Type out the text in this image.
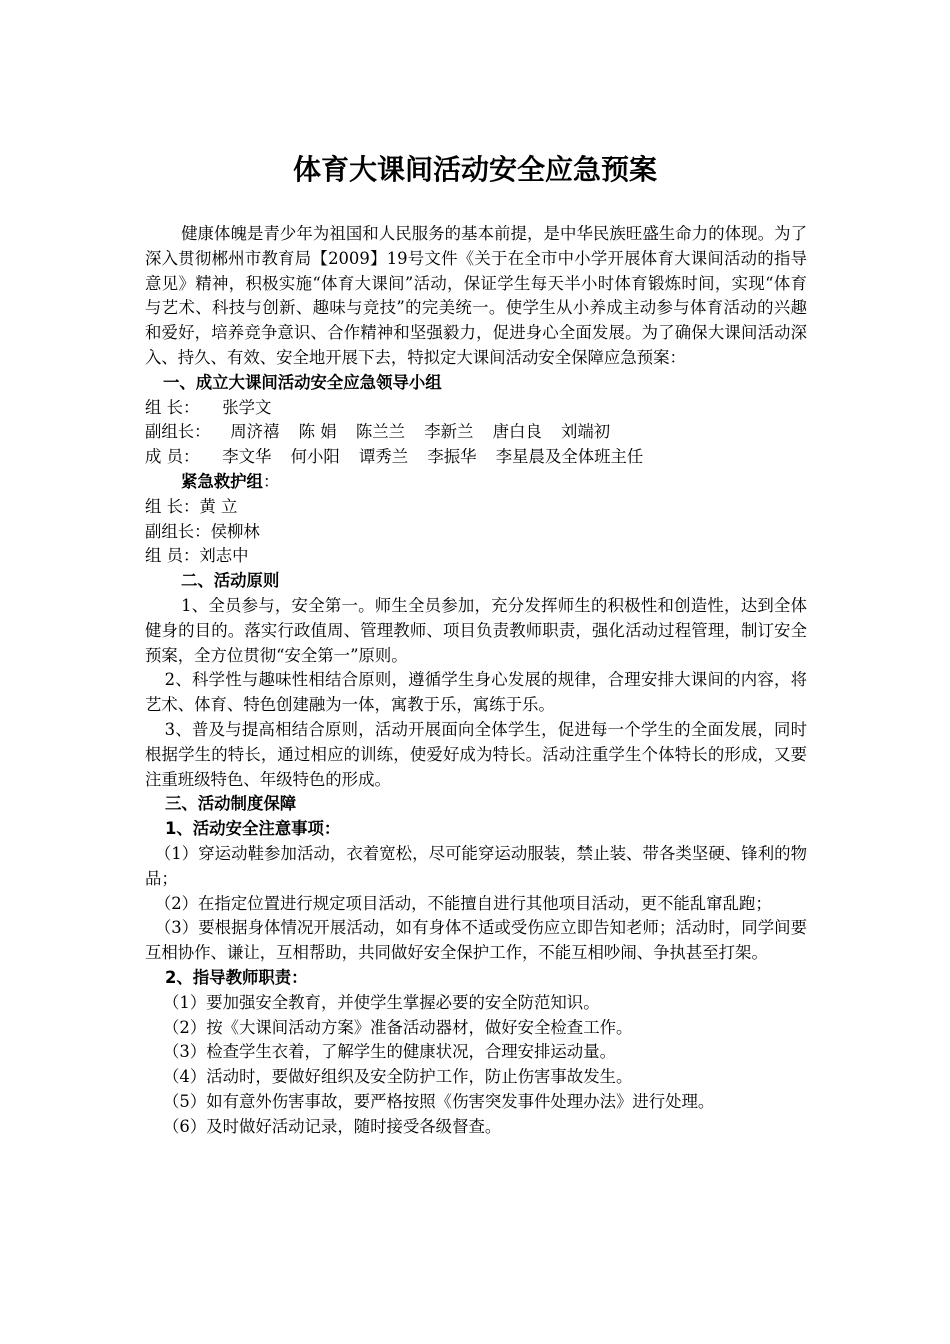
体育大课间活动安全应急预案

健康体魄是青少年为祖国和人民服务的基本前提，是中华民族旺盛生命力的体现。为了深入贯彻郴州市教育局【2009】19号文件《关于在全市中小学开展体育大课间活动的指导意见》精神，积极实施“体育大课间”活动，保证学生每天半小时体育锻炼时间，实现“体育与艺术、科技与创新、趣味与竞技”的完美统一。使学生从小养成主动参与体育活动的兴趣和爱好，培养竞争意识、合作精神和坚强毅力，促进身心全面发展。为了确保大课间活动深入、持久、有效、安全地开展下去，特拟定大课间活动安全保障应急预案：

一、成立大课间活动安全应急领导小组

组 长： 张学文

副组长： 周济禧 陈 娟 陈兰兰 李新兰 唐白良 刘端初

成 员： 李文华 何小阳 谭秀兰 李振华 李星晨及全体班主任

紧急救护组：

组 长：黄 立

副组长：侯柳林

组 员：刘志中

二、活动原则

1、全员参与，安全第一。师生全员参加，充分发挥师生的积极性和创造性，达到全体健身的目的。落实行政值周、管理教师、项目负责教师职责，强化活动过程管理，制订安全预案，全方位贯彻“安全第一”原则。

2、科学性与趣味性相结合原则，遵循学生身心发展的规律，合理安排大课间的内容，将艺术、体育、特色创建融为一体，寓教于乐，寓练于乐。

3、普及与提高相结合原则，活动开展面向全体学生，促进每一个学生的全面发展，同时根据学生的特长，通过相应的训练，使爱好成为特长。活动注重学生个体特长的形成，又要注重班级特色、年级特色的形成。

三、活动制度保障

1、活动安全注意事项：

（1）穿运动鞋参加活动，衣着宽松，尽可能穿运动服装，禁止装、带各类坚硬、锋利的物品；

（2）在指定位置进行规定项目活动，不能擅自进行其他项目活动，更不能乱窜乱跑；

（3）要根据身体情况开展活动，如有身体不适或受伤应立即告知老师；活动时，同学间要互相协作、谦让，互相帮助，共同做好安全保护工作，不能互相吵闹、争执甚至打架。

2、指导教师职责：

（1）要加强安全教育，并使学生掌握必要的安全防范知识。

（2）按《大课间活动方案》准备活动器材，做好安全检查工作。

（3）检查学生衣着，了解学生的健康状况，合理安排运动量。

（4）活动时，要做好组织及安全防护工作，防止伤害事故发生。

（5）如有意外伤害事故，要严格按照《伤害突发事件处理办法》进行处理。

（6）及时做好活动记录，随时接受各级督查。
